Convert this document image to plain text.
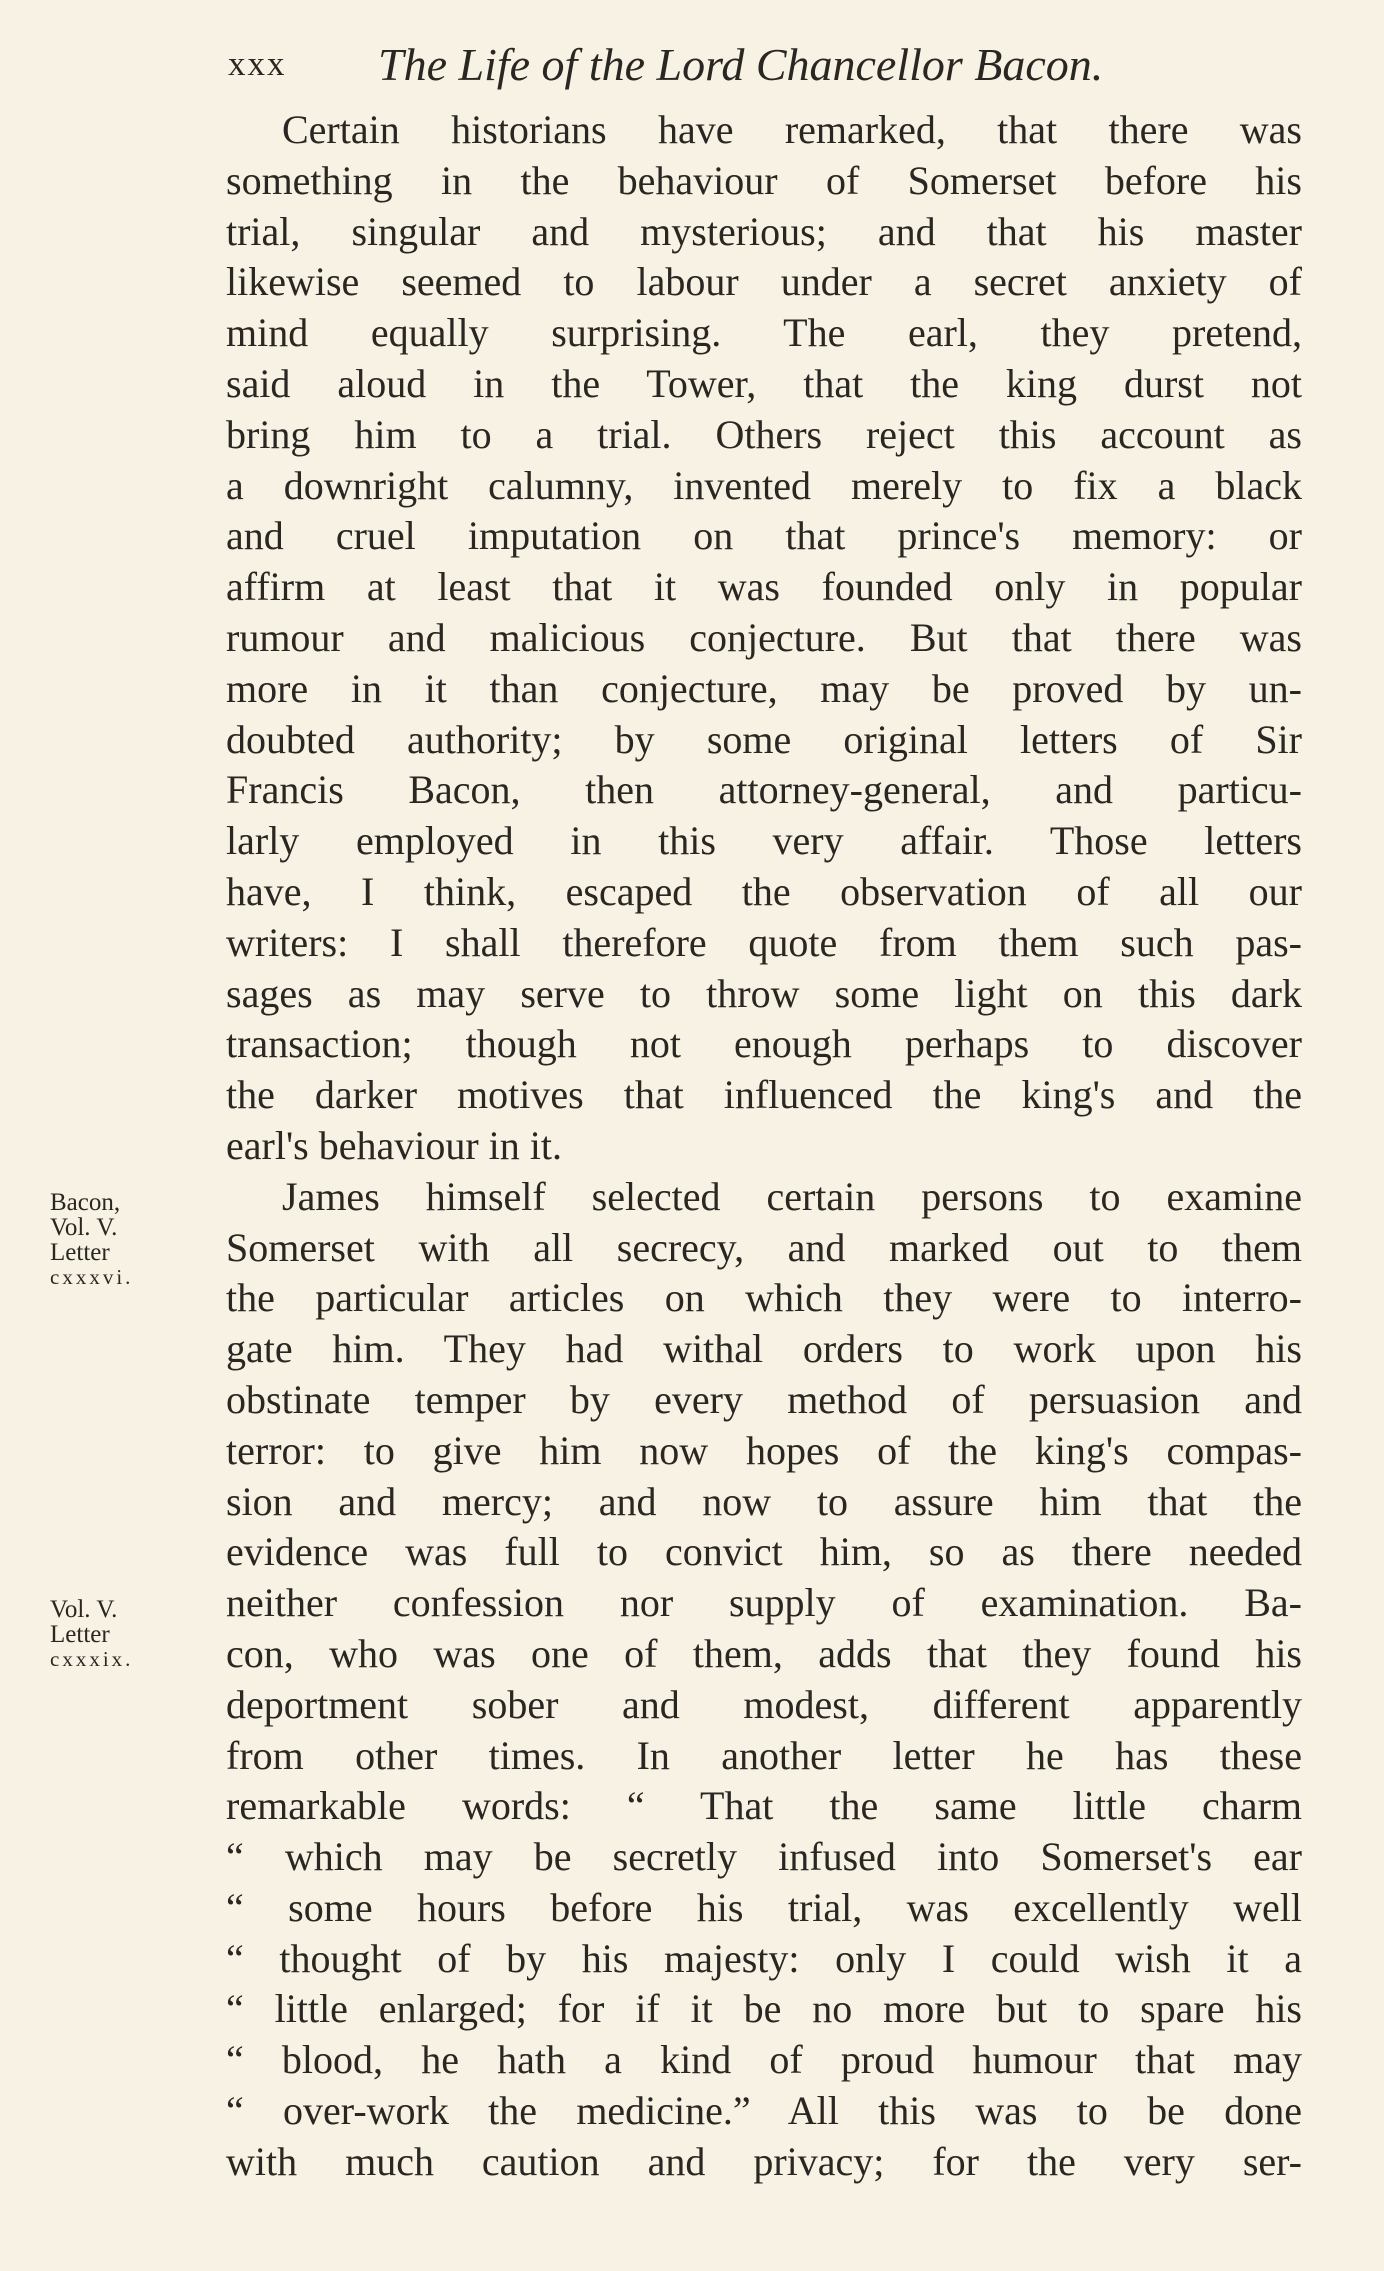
xxx The Life of the Lord Chancellor Bacon.
Bacon,
Vol. V.
Letter
cxxxvi.
Vol. V.
Letter
cxxxix.
Certain historians have remarked, that there was
something in the behaviour of Somerset before his
trial, singular and mysterious; and that his master
likewise seemed to labour under a secret anxiety of
mind equally surprising. The earl, they pretend,
said aloud in the Tower, that the king durst not
bring him to a trial. Others reject this account as
a downright calumny, invented merely to fix a black
and cruel imputation on that prince's memory: or
affirm at least that it was founded only in popular
rumour and malicious conjecture. But that there was
more in it than conjecture, may be proved by un-
doubted authority; by some original letters of Sir
Francis Bacon, then attorney-general, and particu-
larly employed in this very affair. Those letters
have, I think, escaped the observation of all our
writers: I shall therefore quote from them such pas-
sages as may serve to throw some light on this dark
transaction; though not enough perhaps to discover
the darker motives that influenced the king's and the
earl's behaviour in it.
James himself selected certain persons to examine
Somerset with all secrecy, and marked out to them
the particular articles on which they were to interro-
gate him. They had withal orders to work upon his
obstinate temper by every method of persuasion and
terror: to give him now hopes of the king's compas-
sion and mercy; and now to assure him that the
evidence was full to convict him, so as there needed
neither confession nor supply of examination. Ba-
con, who was one of them, adds that they found his
deportment sober and modest, different apparently
from other times. In another letter he has these
remarkable words: “ That the same little charm
“ which may be secretly infused into Somerset's ear
“ some hours before his trial, was excellently well
“ thought of by his majesty: only I could wish it a
“ little enlarged; for if it be no more but to spare his
“ blood, he hath a kind of proud humour that may
“ over-work the medicine.” All this was to be done
with much caution and privacy; for the very ser-
